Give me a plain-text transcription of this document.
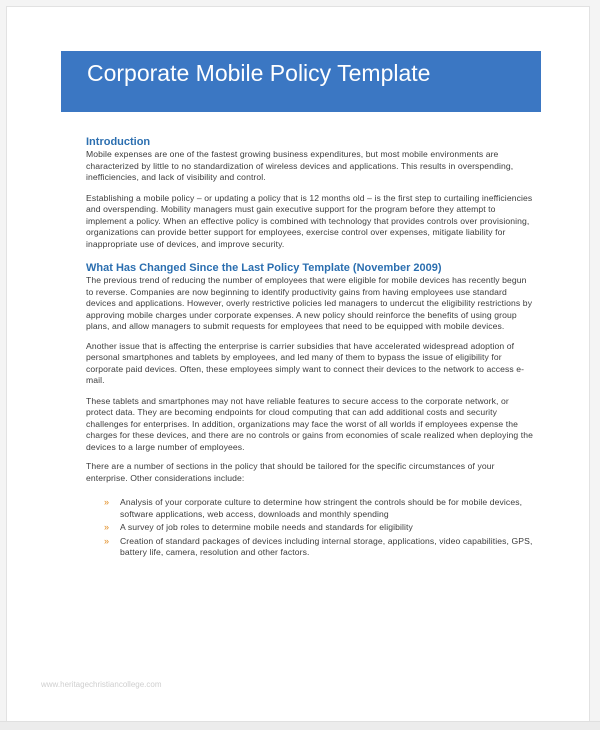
Corporate Mobile Policy Template
Introduction

Mobile expenses are one of the fastest growing business expenditures, but most mobile environments are characterized by little to no standardization of wireless devices and applications. This results in overspending, inefficiencies, and lack of visibility and control.

Establishing a mobile policy – or updating a policy that is 12 months old – is the first step to curtailing inefficiencies and overspending. Mobility managers must gain executive support for the program before they attempt to implement a policy. When an effective policy is combined with technology that provides controls over provisioning, organizations can provide better support for employees, exercise control over expenses, mitigate liability for inappropriate use of devices, and improve security.

What Has Changed Since the Last Policy Template (November 2009)

The previous trend of reducing the number of employees that were eligible for mobile devices has recently begun to reverse. Companies are now beginning to identify productivity gains from having employees use standard devices and applications. However, overly restrictive policies led managers to undercut the eligibility restrictions by approving mobile charges under corporate expenses. A new policy should reinforce the benefits of using group plans, and allow managers to submit requests for employees that need to be equipped with mobile devices.

Another issue that is affecting the enterprise is carrier subsidies that have accelerated widespread adoption of personal smartphones and tablets by employees, and led many of them to bypass the issue of eligibility for corporate paid devices. Often, these employees simply want to connect their devices to the network to access e-mail.

These tablets and smartphones may not have reliable features to secure access to the corporate network, or protect data. They are becoming endpoints for cloud computing that can add additional costs and security challenges for enterprises. In addition, organizations may face the worst of all worlds if employees expense the charges for these devices, and there are no controls or gains from economies of scale realized when deploying the devices to a large number of employees.

There are a number of sections in the policy that should be tailored for the specific circumstances of your enterprise. Other considerations include:

» Analysis of your corporate culture to determine how stringent the controls should be for mobile devices, software applications, web access, downloads and monthly spending
» A survey of job roles to determine mobile needs and standards for eligibility
» Creation of standard packages of devices including internal storage, applications, video capabilities, GPS, battery life, camera, resolution and other factors.
www.heritagechristiancollege.com
